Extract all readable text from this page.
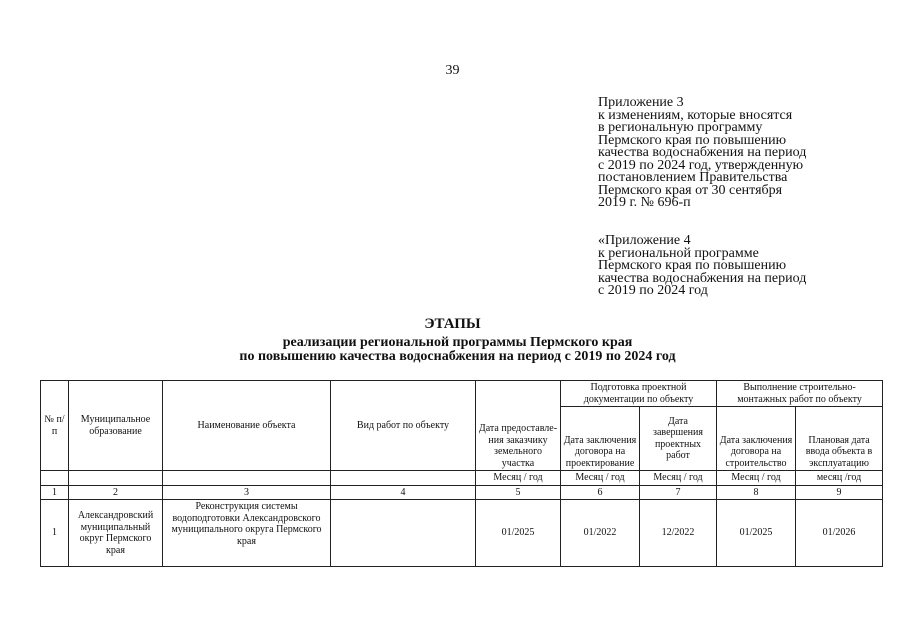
39
Приложение 3
к изменениям, которые вносятся
в региональную программу
Пермского края по повышению
качества водоснабжения на период
с 2019 по 2024 год, утвержденную
постановлением Правительства
Пермского края от 30 сентября
2019 г. № 696-п
«Приложение 4
к региональной программе
Пермского края по повышению
качества водоснабжения на период
с 2019 по 2024 год
ЭТАПЫ
реализации региональной программы Пермского края
по повышению качества водоснабжения на период с 2019 по 2024 год
№ п/п	Муниципальное образование	Наименование объекта	Вид работ по объекту	Дата предоставле-ния заказчику земельного участка	Подготовка проектной документации по объекту		Выполнение строительно-монтажных работ по объекту	
					Дата заключения договора на проектирование	Дата завершения проектных работ	Дата заключения договора на строительство	Плановая дата ввода объекта в эксплуатацию
				Месяц / год	Месяц / год	Месяц / год	Месяц / год	месяц /год
1	2	3	4	5	6	7	8	9
1	Александровский муниципальный округ Пермского края	Реконструкция системы водоподготовки Александровского муниципального округа Пермского края		01/2025	01/2022	12/2022	01/2025	01/2026
